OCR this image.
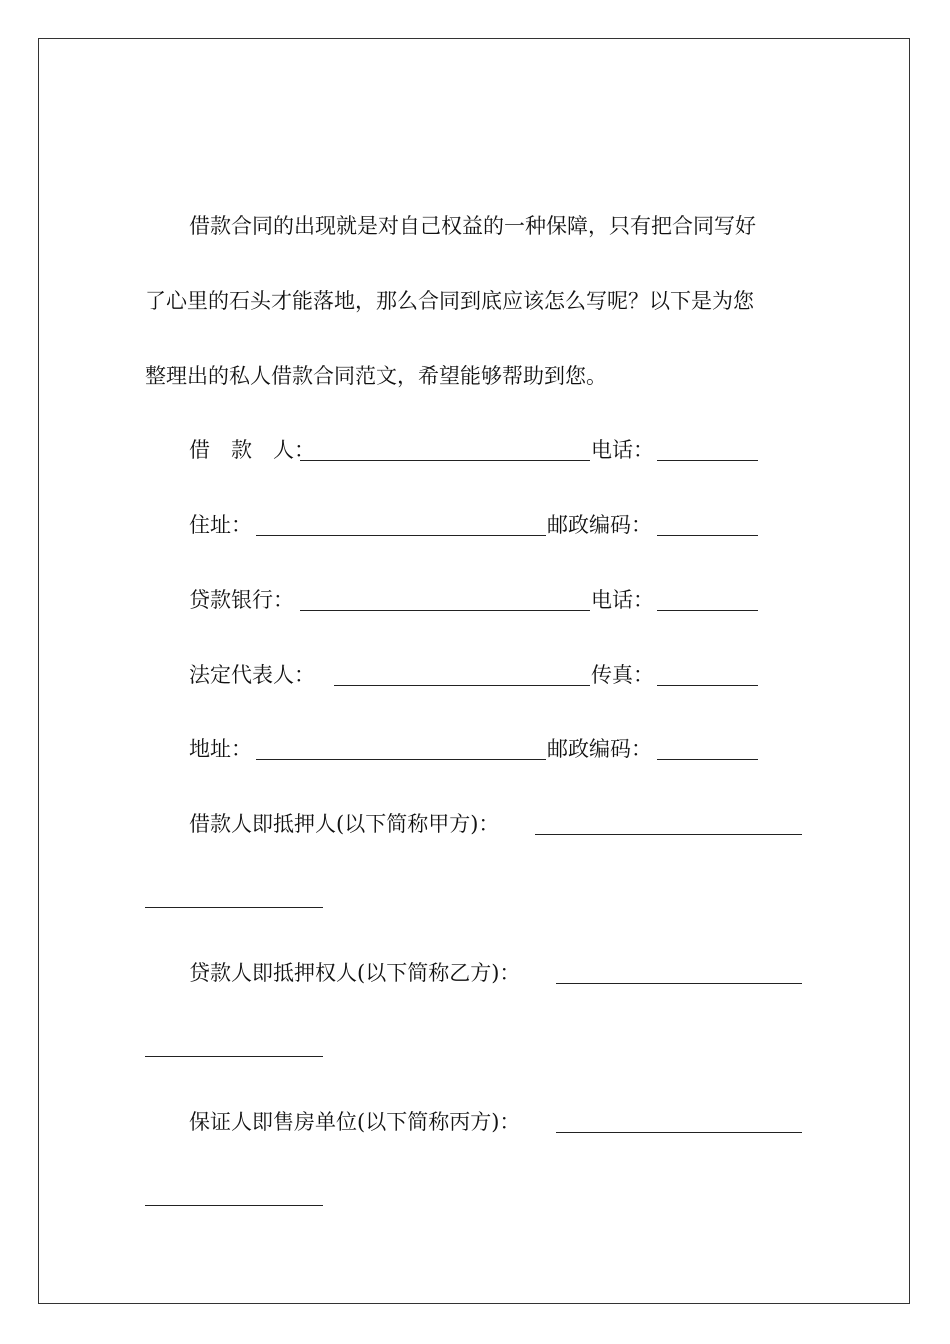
借款合同的出现就是对自己权益的一种保障，只有把合同写好
了心里的石头才能落地，那么合同到底应该怎么写呢？以下是为您
整理出的私人借款合同范文，希望能够帮助到您。
借　款　人：	电话：
住址：	邮政编码：
贷款银行：	电话：
法定代表人：	传真：
地址：	邮政编码：
借款人即抵押人(以下简称甲方)：
贷款人即抵押权人(以下简称乙方)：
保证人即售房单位(以下简称丙方)：
